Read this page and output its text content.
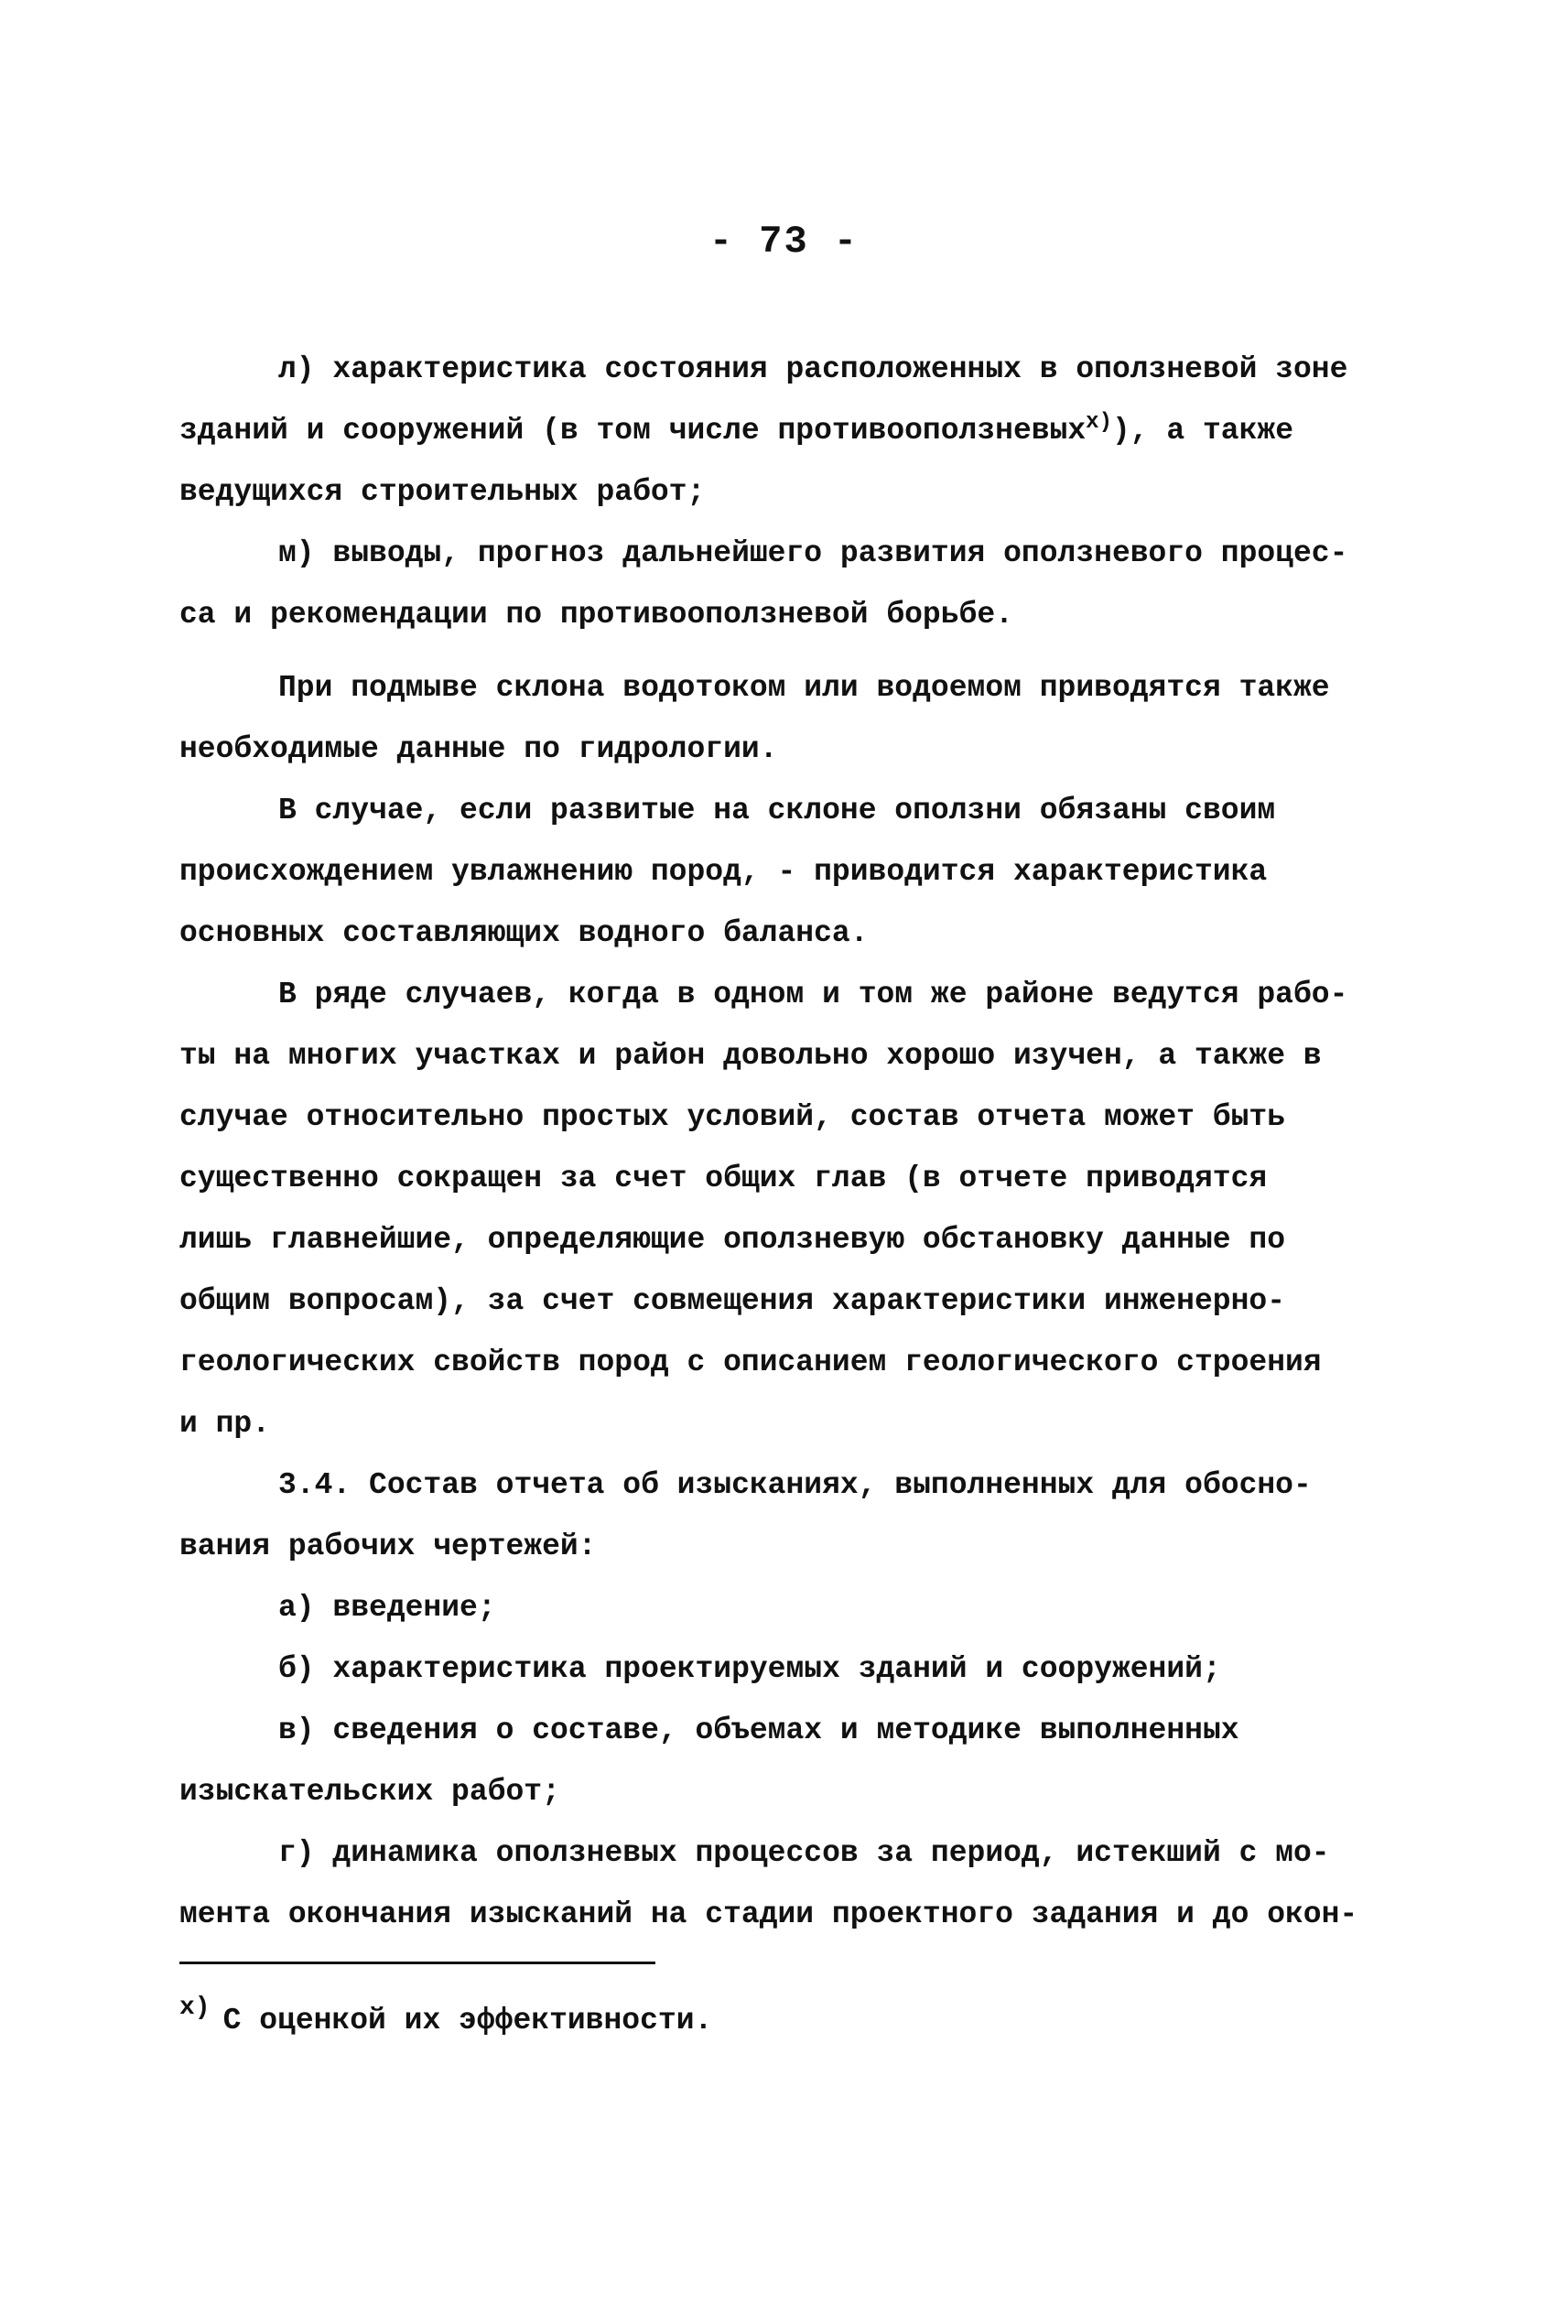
- 73 -
л) характеристика состояния расположенных в оползневой зоне
зданий и сооружений (в том числе противооползневых$^{х)}$), а также
ведущихся строительных работ;
м) выводы, прогноз дальнейшего развития оползневого процес-
са и рекомендации по противооползневой борьбе.
При подмыве склона водотоком или водоемом приводятся также
необходимые данные по гидрологии.
В случае, если развитые на склоне оползни обязаны своим
происхождением увлажнению пород, - приводится характеристика
основных составляющих водного баланса.
В ряде случаев, когда в одном и том же районе ведутся рабо-
ты на многих участках и район довольно хорошо изучен, а также в
случае относительно простых условий, состав отчета может быть
существенно сокращен за счет общих глав (в отчете приводятся
лишь главнейшие, определяющие оползневую обстановку данные по
общим вопросам), за счет совмещения характеристики инженерно-
геологических свойств пород с описанием геологического строения
и пр.
3.4. Состав отчета об изысканиях, выполненных для обосно-
вания рабочих чертежей:
а) введение;
б) характеристика проектируемых зданий и сооружений;
в) сведения о составе, объемах и методике выполненных
изыскательских работ;
г) динамика оползневых процессов за период, истекший с мо-
мента окончания изысканий на стадии проектного задания и до окон-
$^{х)}$ С оценкой их эффективности.
